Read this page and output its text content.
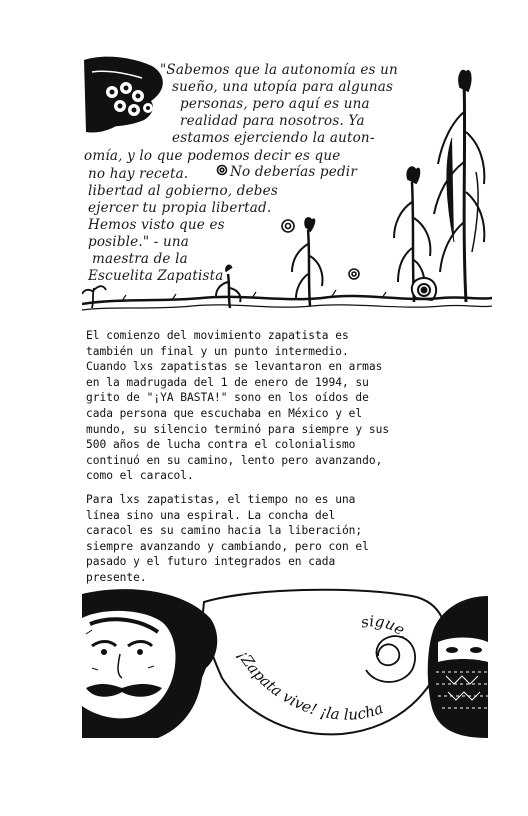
"Sabemos que la autonomía es un
sueño, una utopía para algunas
personas, pero aquí es una
realidad para nosotros. Ya
estamos ejerciendo la auton-
omía, y lo que podemos decir es que
no hay receta.	No deberías pedir
libertad al gobierno, debes
ejercer tu propia libertad.
Hemos visto que es
posible." - una
maestra de la
Escuelita Zapatista
El comienzo del movimiento zapatista es
también un final y un punto intermedio.
Cuando lxs zapatistas se levantaron en armas
en la madrugada del 1 de enero de 1994, su
grito de "¡YA BASTA!" sono en los oídos de
cada persona que escuchaba en México y el
mundo, su silencio terminó para siempre y sus
500 años de lucha contra el colonialismo
continuó en su camino, lento pero avanzando,
como el caracol.
Para lxs zapatistas, el tiempo no es una
línea sino una espiral. La concha del
caracol es su camino hacia la liberación;
siempre avanzando y cambiando, pero con el
pasado y el futuro integrados en cada
presente.
¡Zapata vive! ¡la lucha
sigue.
